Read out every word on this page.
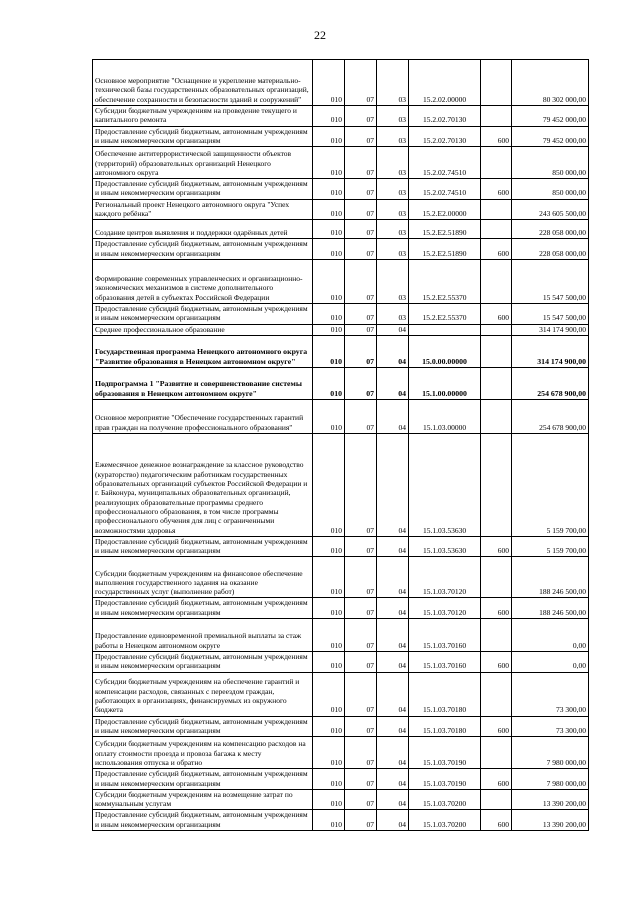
22
Основное мероприятие "Оснащение и укрепление материально-технической базы государственных образовательных организаций, обеспечение сохранности и безопасности зданий и сооружений"	010	07	03	15.2.02.00000		80 302 000,00
Субсидии бюджетным учреждениям на проведение текущего и капитального ремонта	010	07	03	15.2.02.70130		79 452 000,00
Предоставление субсидий бюджетным, автономным учреждениям и иным некоммерческим организациям	010	07	03	15.2.02.70130	600	79 452 000,00
Обеспечение антитеррористической защищенности объектов (территорий) образовательных организаций Ненецкого автономного округа	010	07	03	15.2.02.74510		850 000,00
Предоставление субсидий бюджетным, автономным учреждениям и иным некоммерческим организациям	010	07	03	15.2.02.74510	600	850 000,00
Региональный проект Ненецкого автономного округа "Успех каждого ребёнка"	010	07	03	15.2.Е2.00000		243 605 500,00
Создание центров выявления и поддержки одарённых детей	010	07	03	15.2.Е2.51890		228 058 000,00
Предоставление субсидий бюджетным, автономным учреждениям и иным некоммерческим организациям	010	07	03	15.2.Е2.51890	600	228 058 000,00
Формирование современных управленческих и организационно-экономических механизмов в системе дополнительного образования детей в субъектах Российской Федерации	010	07	03	15.2.Е2.55370		15 547 500,00
Предоставление субсидий бюджетным, автономным учреждениям и иным некоммерческим организациям	010	07	03	15.2.Е2.55370	600	15 547 500,00
Среднее профессиональное образование	010	07	04			314 174 900,00
Государственная программа Ненецкого автономного округа "Развитие образования в Ненецком автономном округе"	010	07	04	15.0.00.00000		314 174 900,00
Подпрограмма 1 "Развитие и совершенствование системы образования в Ненецком автономном округе"	010	07	04	15.1.00.00000		254 678 900,00
Основное мероприятие "Обеспечение государственных гарантий прав граждан на получение профессионального образования"	010	07	04	15.1.03.00000		254 678 900,00
Ежемесячное денежное вознаграждение за классное руководство (кураторство) педагогическим работникам государственных образовательных организаций субъектов Российской Федерации и г. Байконура, муниципальных образовательных организаций, реализующих образовательные программы среднего профессионального образования, в том числе программы профессионального обучения для лиц с ограниченными возможностями здоровья	010	07	04	15.1.03.53630		5 159 700,00
Предоставление субсидий бюджетным, автономным учреждениям и иным некоммерческим организациям	010	07	04	15.1.03.53630	600	5 159 700,00
Субсидии бюджетным учреждениям на финансовое обеспечение выполнения государственного задания на оказание государственных услуг (выполнение работ)	010	07	04	15.1.03.70120		188 246 500,00
Предоставление субсидий бюджетным, автономным учреждениям и иным некоммерческим организациям	010	07	04	15.1.03.70120	600	188 246 500,00
Предоставление единовременной премиальной выплаты за стаж работы в Ненецком автономном округе	010	07	04	15.1.03.70160		0,00
Предоставление субсидий бюджетным, автономным учреждениям и иным некоммерческим организациям	010	07	04	15.1.03.70160	600	0,00
Субсидии бюджетным учреждениям на обеспечение гарантий и компенсации расходов, связанных с переездом граждан, работающих в организациях, финансируемых из окружного бюджета	010	07	04	15.1.03.70180		73 300,00
Предоставление субсидий бюджетным, автономным учреждениям и иным некоммерческим организациям	010	07	04	15.1.03.70180	600	73 300,00
Субсидии бюджетным учреждениям на компенсацию расходов на оплату стоимости проезда и провоза багажа к месту использования отпуска и обратно	010	07	04	15.1.03.70190		7 980 000,00
Предоставление субсидий бюджетным, автономным учреждениям и иным некоммерческим организациям	010	07	04	15.1.03.70190	600	7 980 000,00
Субсидии бюджетным учреждениям на возмещение затрат по коммунальным услугам	010	07	04	15.1.03.70200		13 390 200,00
Предоставление субсидий бюджетным, автономным учреждениям и иным некоммерческим организациям	010	07	04	15.1.03.70200	600	13 390 200,00
